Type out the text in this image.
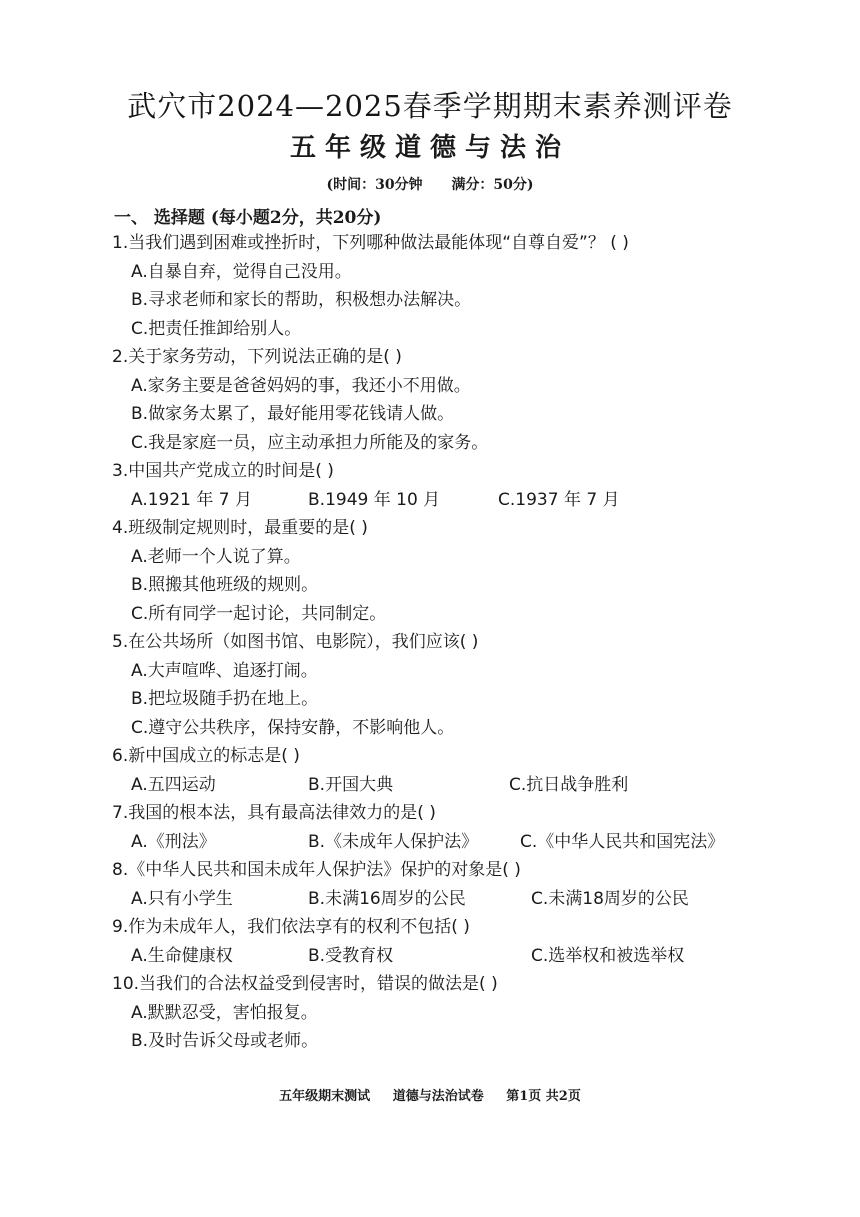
武穴市2024—2025春季学期期末素养测评卷
五年级道德与法治
(时间：30分钟 满分：50分)
一、 选择题 (每小题2分，共20分)
1.当我们遇到困难或挫折时，下列哪种做法最能体现“自尊自爱”？ ( )
A.自暴自弃，觉得自己没用。
B.寻求老师和家长的帮助，积极想办法解决。
C.把责任推卸给别人。
2.关于家务劳动，下列说法正确的是( )
A.家务主要是爸爸妈妈的事，我还小不用做。
B.做家务太累了，最好能用零花钱请人做。
C.我是家庭一员，应主动承担力所能及的家务。
3.中国共产党成立的时间是( )
A.1921 年 7 月	B.1949 年 10 月	C.1937 年 7 月
4.班级制定规则时，最重要的是( )
A.老师一个人说了算。
B.照搬其他班级的规则。
C.所有同学一起讨论，共同制定。
5.在公共场所（如图书馆、电影院），我们应该( )
A.大声喧哗、追逐打闹。
B.把垃圾随手扔在地上。
C.遵守公共秩序，保持安静，不影响他人。
6.新中国成立的标志是( )
A.五四运动	B.开国大典	C.抗日战争胜利
7.我国的根本法，具有最高法律效力的是( )
A.《刑法》	B.《未成年人保护法》 C.《中华人民共和国宪法》
8.《中华人民共和国未成年人保护法》保护的对象是( )
A.只有小学生	B.未满16周岁的公民	C.未满18周岁的公民
9.作为未成年人，我们依法享有的权利不包括( )
A.生命健康权	B.受教育权	C.选举权和被选举权
10.当我们的合法权益受到侵害时，错误的做法是( )
A.默默忍受，害怕报复。
B.及时告诉父母或老师。
五年级期末测试 道德与法治试卷 第1页 共2页
